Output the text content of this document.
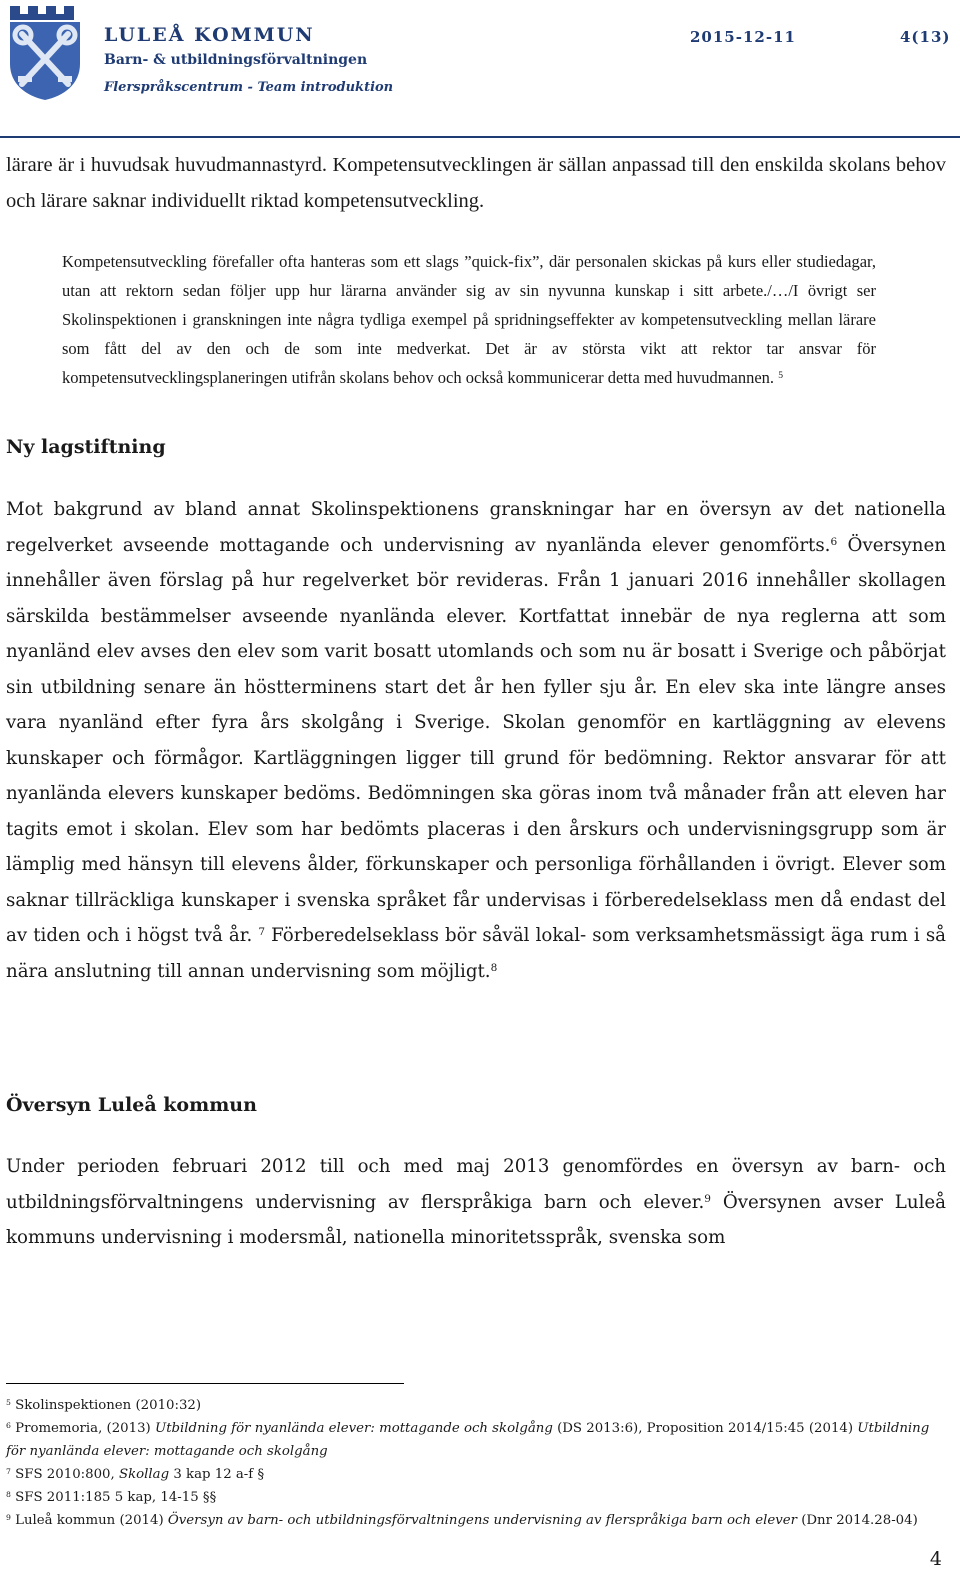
LULEÅ KOMMUN
Barn- & utbildningsförvaltningen
Flerspråkscentrum - Team introduktion
2015-12-11	4(13)

lärare är i huvudsak huvudmannastyrd. Kompetensutvecklingen är sällan anpassad till den enskilda skolans behov och lärare saknar individuellt riktad kompetensutveckling.

Kompetensutveckling förefaller ofta hanteras som ett slags ”quick-fix”, där personalen skickas på kurs eller studiedagar, utan att rektorn sedan följer upp hur lärarna använder sig av sin nyvunna kunskap i sitt arbete./…/I övrigt ser Skolinspektionen i granskningen inte några tydliga exempel på spridningseffekter av kompetensutveckling mellan lärare som fått del av den och de som inte medverkat. Det är av största vikt att rektor tar ansvar för kompetensutvecklingsplaneringen utifrån skolans behov och också kommunicerar detta med huvudmannen. $^5$

Ny lagstiftning

Mot bakgrund av bland annat Skolinspektionens granskningar har en översyn av det nationella regelverket avseende mottagande och undervisning av nyanlända elever genomförts.$^6$ Översynen innehåller även förslag på hur regelverket bör revideras. Från 1 januari 2016 innehåller skollagen särskilda bestämmelser avseende nyanlända elever. Kortfattat innebär de nya reglerna att som nyanländ elev avses den elev som varit bosatt utomlands och som nu är bosatt i Sverige och påbörjat sin utbildning senare än höstterminens start det år hen fyller sju år. En elev ska inte längre anses vara nyanländ efter fyra års skolgång i Sverige. Skolan genomför en kartläggning av elevens kunskaper och förmågor. Kartläggningen ligger till grund för bedömning. Rektor ansvarar för att nyanlända elevers kunskaper bedöms. Bedömningen ska göras inom två månader från att eleven har tagits emot i skolan. Elev som har bedömts placeras i den årskurs och undervisningsgrupp som är lämplig med hänsyn till elevens ålder, förkunskaper och personliga förhållanden i övrigt. Elever som saknar tillräckliga kunskaper i svenska språket får undervisas i förberedelseklass men då endast del av tiden och i högst två år. $^7$ Förberedelseklass bör såväl lokal- som verksamhetsmässigt äga rum i så nära anslutning till annan undervisning som möjligt.$^8$

Översyn Luleå kommun

Under perioden februari 2012 till och med maj 2013 genomfördes en översyn av barn- och utbildningsförvaltningens undervisning av flerspråkiga barn och elever.$^9$ Översynen avser Luleå kommuns undervisning i modersmål, nationella minoritetsspråk, svenska som

$^5$ Skolinspektionen (2010:32)

$^6$ Promemoria, (2013) Utbildning för nyanlända elever: mottagande och skolgång (DS 2013:6), Proposition 2014/15:45 (2014) Utbildning för nyanlända elever: mottagande och skolgång

$^7$ SFS 2010:800, Skollag 3 kap 12 a-f §

$^8$ SFS 2011:185 5 kap, 14-15 §§

$^9$ Luleå kommun (2014) Översyn av barn- och utbildningsförvaltningens undervisning av flerspråkiga barn och elever (Dnr 2014.28-04)

4
